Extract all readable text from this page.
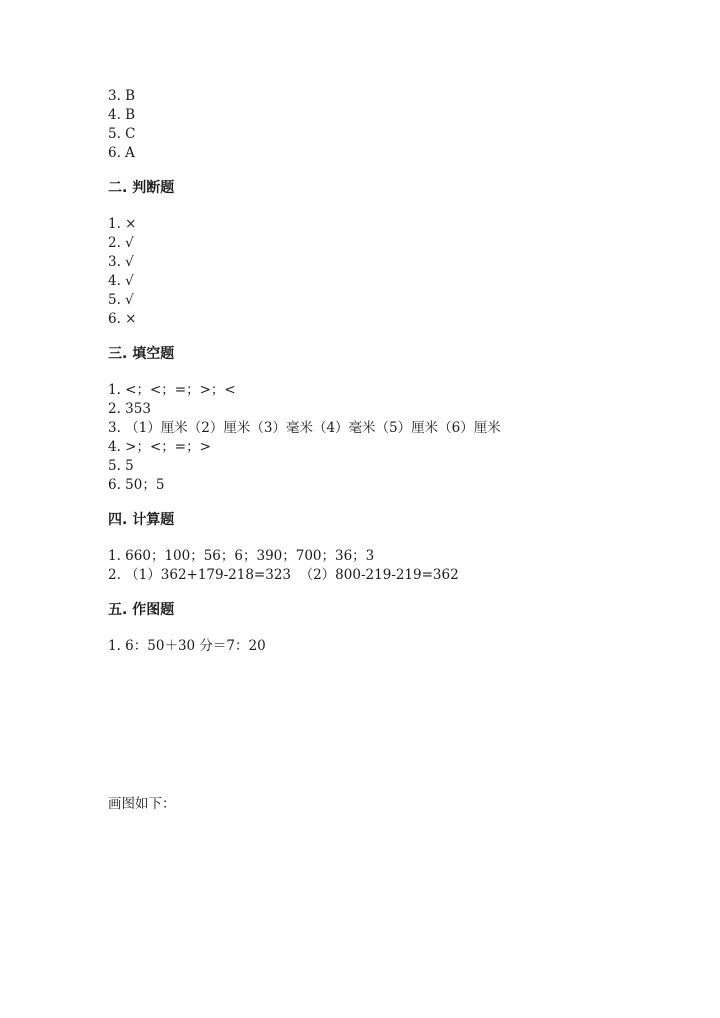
3. B
4. B
5. C
6. A
二. 判断题
1. ×
2. √
3. √
4. √
5. √
6. ×
三. 填空题
1. <；<；=；>；<
2. 353
3. （1）厘米（2）厘米（3）毫米（4）毫米（5）厘米（6）厘米
4. >；<；=；>
5. 5
6. 50；5
四. 计算题
1. 660；100；56；6；390；700；36；3
2. （1）362+179-218=323  （2）800-219-219=362
五. 作图题
1. 6：50＋30 分＝7：20
画图如下：
